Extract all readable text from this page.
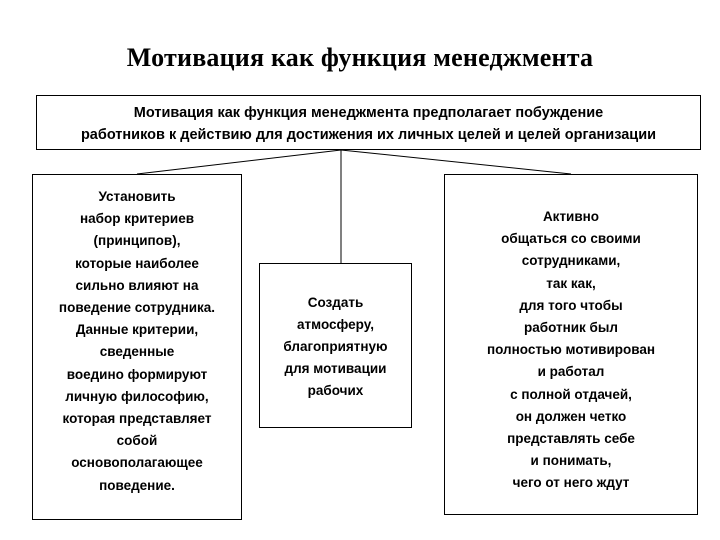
Мотивация как функция менеджмента
Мотивация как функция менеджмента предполагает побуждение
работников к действию для достижения их личных целей и целей организации
Установить
набор критериев
(принципов),
которые наиболее
сильно влияют на
поведение сотрудника.
Данные критерии,
сведенные
воедино формируют
личную философию,
которая представляет
собой
основополагающее
поведение.
Создать
атмосферу,
благоприятную
для мотивации
рабочих
Активно
общаться со своими
сотрудниками,
так как,
для того чтобы
работник был
полностью мотивирован
и работал
с полной отдачей,
он должен четко
представлять себе
и понимать,
чего от него ждут
